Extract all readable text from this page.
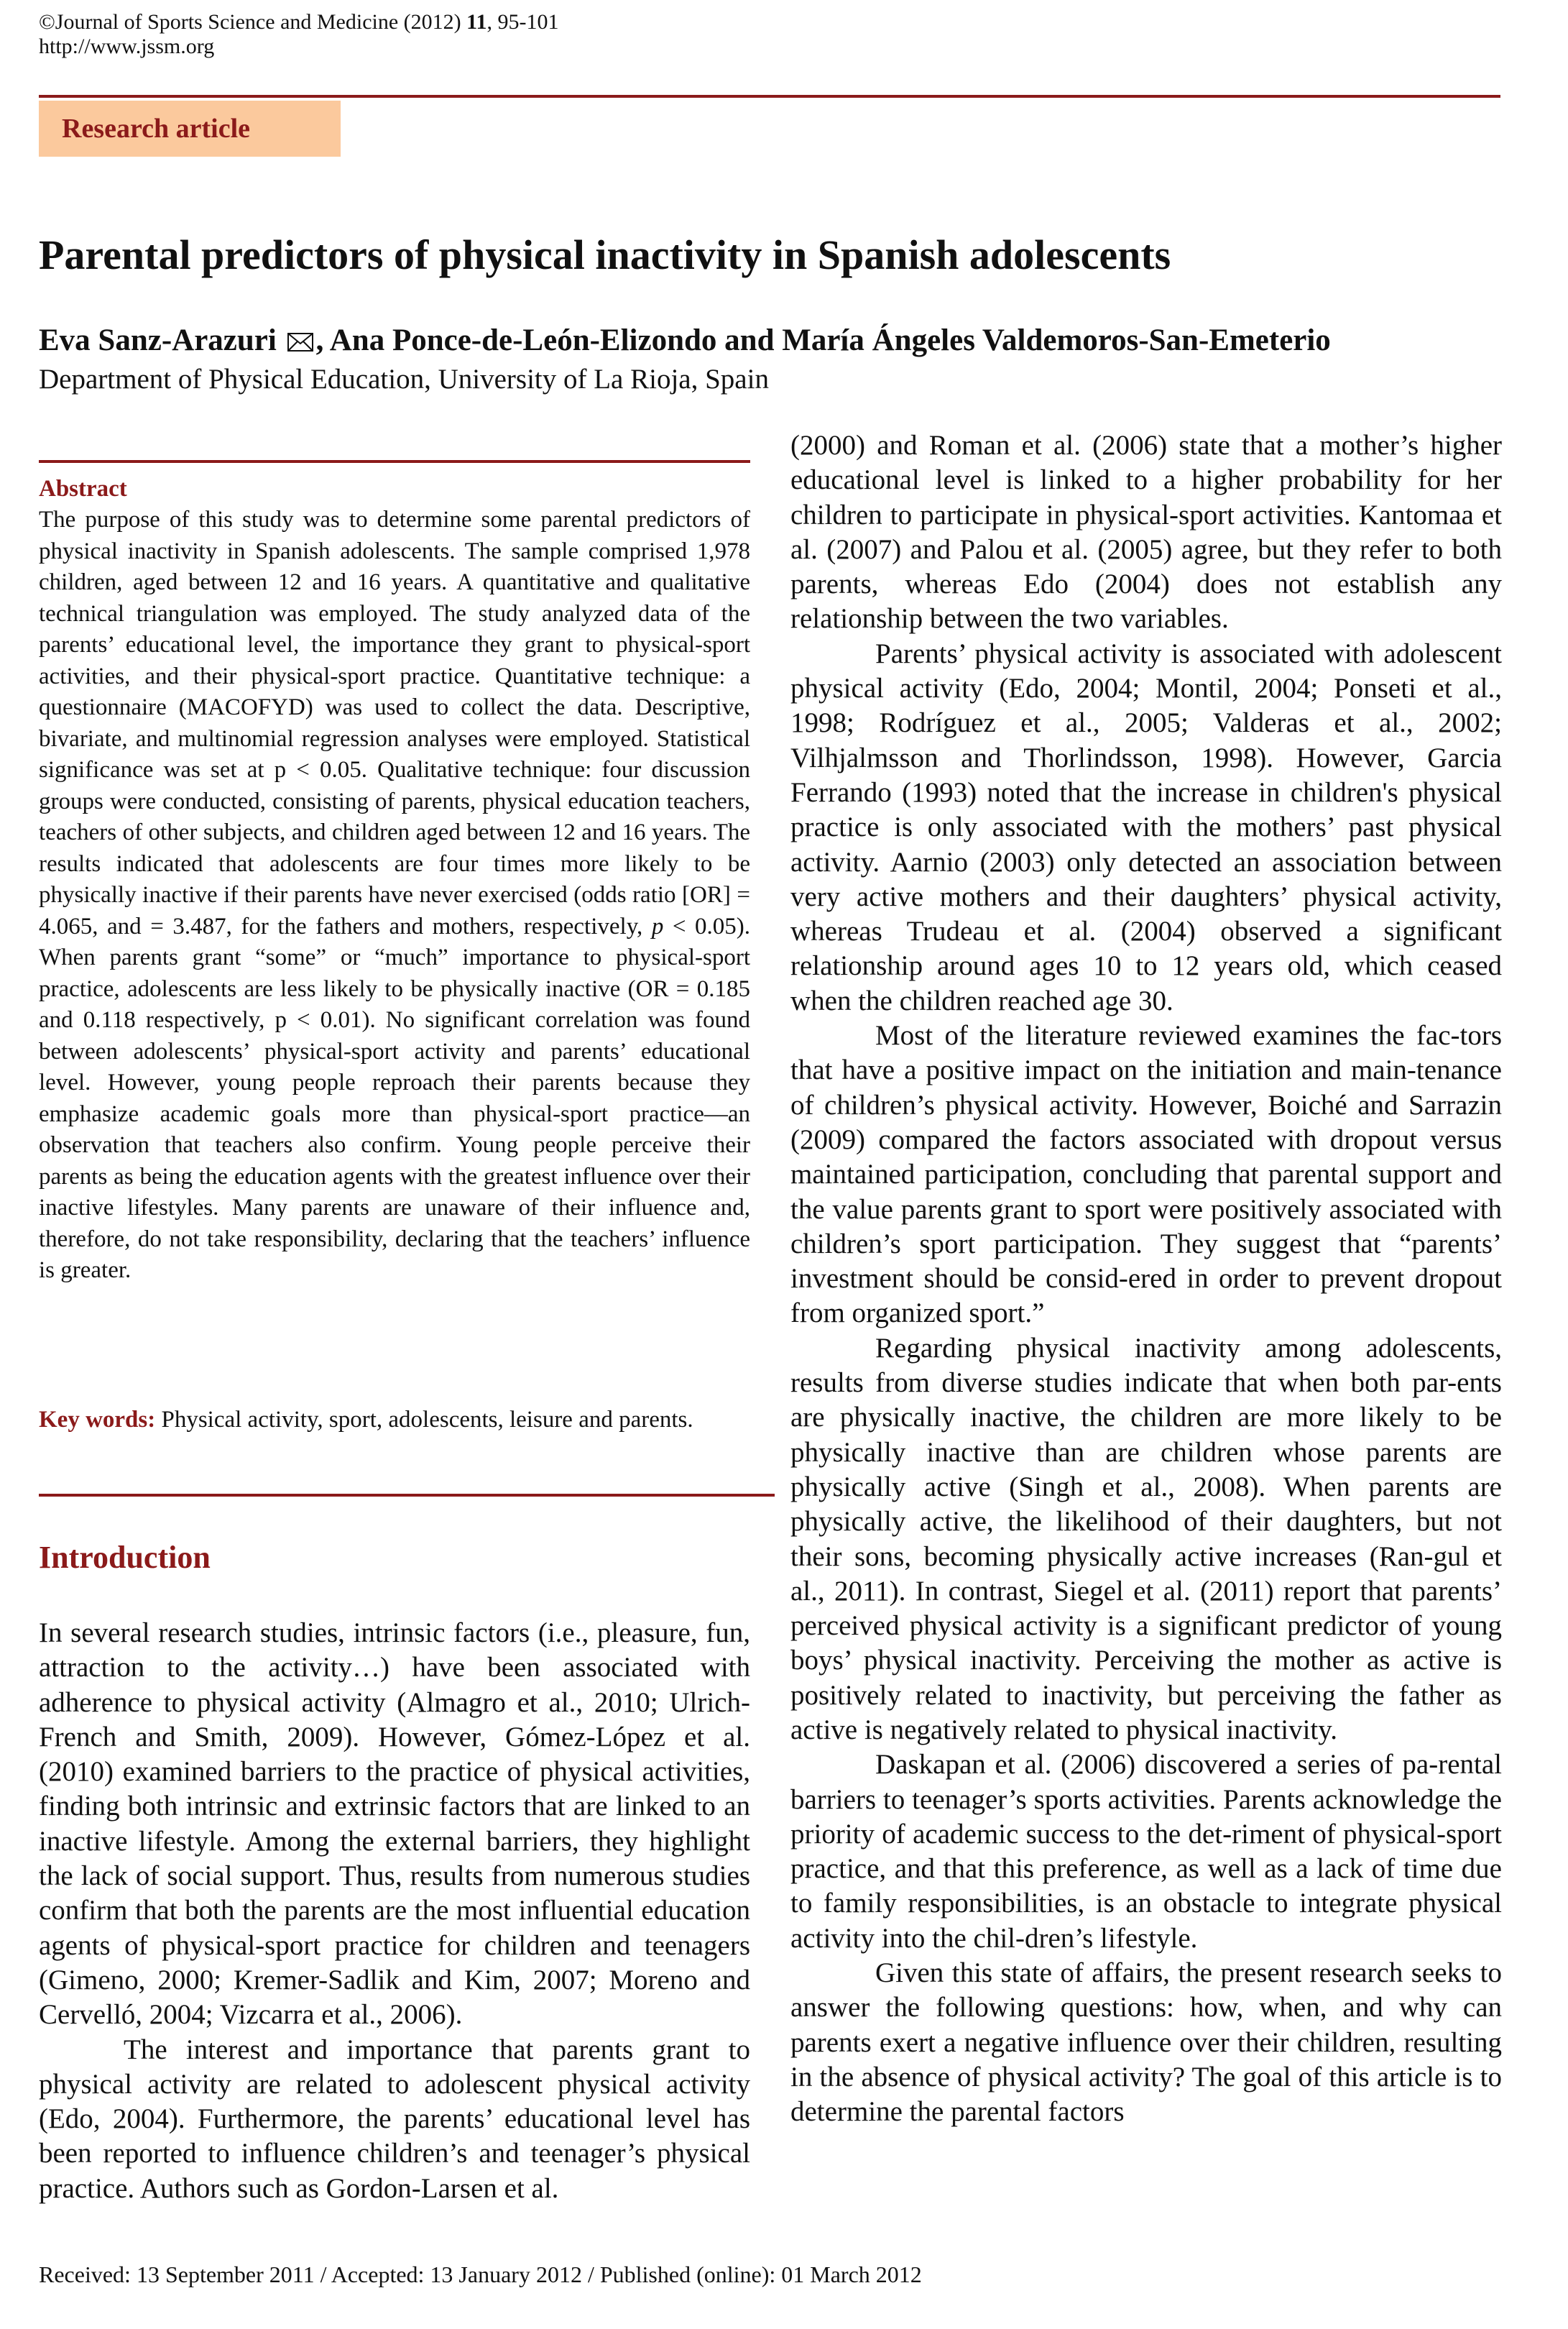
©Journal of Sports Science and Medicine (2012) 11, 95-101
http://www.jssm.org
Research article
Parental predictors of physical inactivity in Spanish adolescents
Eva Sanz-Arazuri , Ana Ponce-de-León-Elizondo and María Ángeles Valdemoros-San-Emeterio
Department of Physical Education, University of La Rioja, Spain
Abstract
The purpose of this study was to determine some parental predictors of physical inactivity in Spanish adolescents. The sample comprised 1,978 children, aged between 12 and 16 years. A quantitative and qualitative technical triangulation was employed. The study analyzed data of the parents’ educational level, the importance they grant to physical-sport activities, and their physical-sport practice. Quantitative technique: a questionnaire (MACOFYD) was used to collect the data. Descriptive, bivariate, and multinomial regression analyses were employed. Statistical significance was set at p < 0.05. Qualitative technique: four discussion groups were conducted, consisting of parents, physical education teachers, teachers of other subjects, and children aged between 12 and 16 years. The results indicated that adolescents are four times more likely to be physically inactive if their parents have never exercised (odds ratio [OR] = 4.065, and = 3.487, for the fathers and mothers, respectively, p < 0.05). When parents grant “some” or “much” importance to physical-sport practice, adolescents are less likely to be physically inactive (OR = 0.185 and 0.118 respectively, p < 0.01). No significant correlation was found between adolescents’ physical-sport activity and parents’ educational level. However, young people reproach their parents because they emphasize academic goals more than physical-sport practice—an observation that teachers also confirm. Young people perceive their parents as being the education agents with the greatest influence over their inactive lifestyles. Many parents are unaware of their influence and, therefore, do not take responsibility, declaring that the teachers’ influence is greater.
Key words: Physical activity, sport, adolescents, leisure and parents.
Introduction

In several research studies, intrinsic factors (i.e., pleasure, fun, attraction to the activity…) have been associated with adherence to physical activity (Almagro et al., 2010; Ulrich-French and Smith, 2009). However, Gómez-López et al. (2010) examined barriers to the practice of physical activities, finding both intrinsic and extrinsic factors that are linked to an inactive lifestyle. Among the external barriers, they highlight the lack of social support. Thus, results from numerous studies confirm that both the parents are the most influential education agents of physical-sport practice for children and teenagers (Gimeno, 2000; Kremer-Sadlik and Kim, 2007; Moreno and Cervelló, 2004; Vizcarra et al., 2006).

The interest and importance that parents grant to physical activity are related to adolescent physical activity (Edo, 2004). Furthermore, the parents’ educational level has been reported to influence children’s and teenager’s physical practice. Authors such as Gordon-Larsen et al.

(2000) and Roman et al. (2006) state that a mother’s higher educational level is linked to a higher probability for her children to participate in physical-sport activities. Kantomaa et al. (2007) and Palou et al. (2005) agree, but they refer to both parents, whereas Edo (2004) does not establish any relationship between the two variables.

Parents’ physical activity is associated with adolescent physical activity (Edo, 2004; Montil, 2004; Ponseti et al., 1998; Rodríguez et al., 2005; Valderas et al., 2002; Vilhjalmsson and Thorlindsson, 1998). However, Garcia Ferrando (1993) noted that the increase in children's physical practice is only associated with the mothers’ past physical activity. Aarnio (2003) only detected an association between very active mothers and their daughters’ physical activity, whereas Trudeau et al. (2004) observed a significant relationship around ages 10 to 12 years old, which ceased when the children reached age 30.

Most of the literature reviewed examines the fac-tors that have a positive impact on the initiation and main-tenance of children’s physical activity. However, Boiché and Sarrazin (2009) compared the factors associated with dropout versus maintained participation, concluding that parental support and the value parents grant to sport were positively associated with children’s sport participation. They suggest that “parents’ investment should be consid-ered in order to prevent dropout from organized sport.”

Regarding physical inactivity among adolescents, results from diverse studies indicate that when both par-ents are physically inactive, the children are more likely to be physically inactive than are children whose parents are physically active (Singh et al., 2008). When parents are physically active, the likelihood of their daughters, but not their sons, becoming physically active increases (Ran-gul et al., 2011). In contrast, Siegel et al. (2011) report that parents’ perceived physical activity is a significant predictor of young boys’ physical inactivity. Perceiving the mother as active is positively related to inactivity, but perceiving the father as active is negatively related to physical inactivity.

Daskapan et al. (2006) discovered a series of pa-rental barriers to teenager’s sports activities. Parents acknowledge the priority of academic success to the det-riment of physical-sport practice, and that this preference, as well as a lack of time due to family responsibilities, is an obstacle to integrate physical activity into the chil-dren’s lifestyle.

Given this state of affairs, the present research seeks to answer the following questions: how, when, and why can parents exert a negative influence over their children, resulting in the absence of physical activity? The goal of this article is to determine the parental factors

Received: 13 September 2011 / Accepted: 13 January 2012 / Published (online): 01 March 2012
